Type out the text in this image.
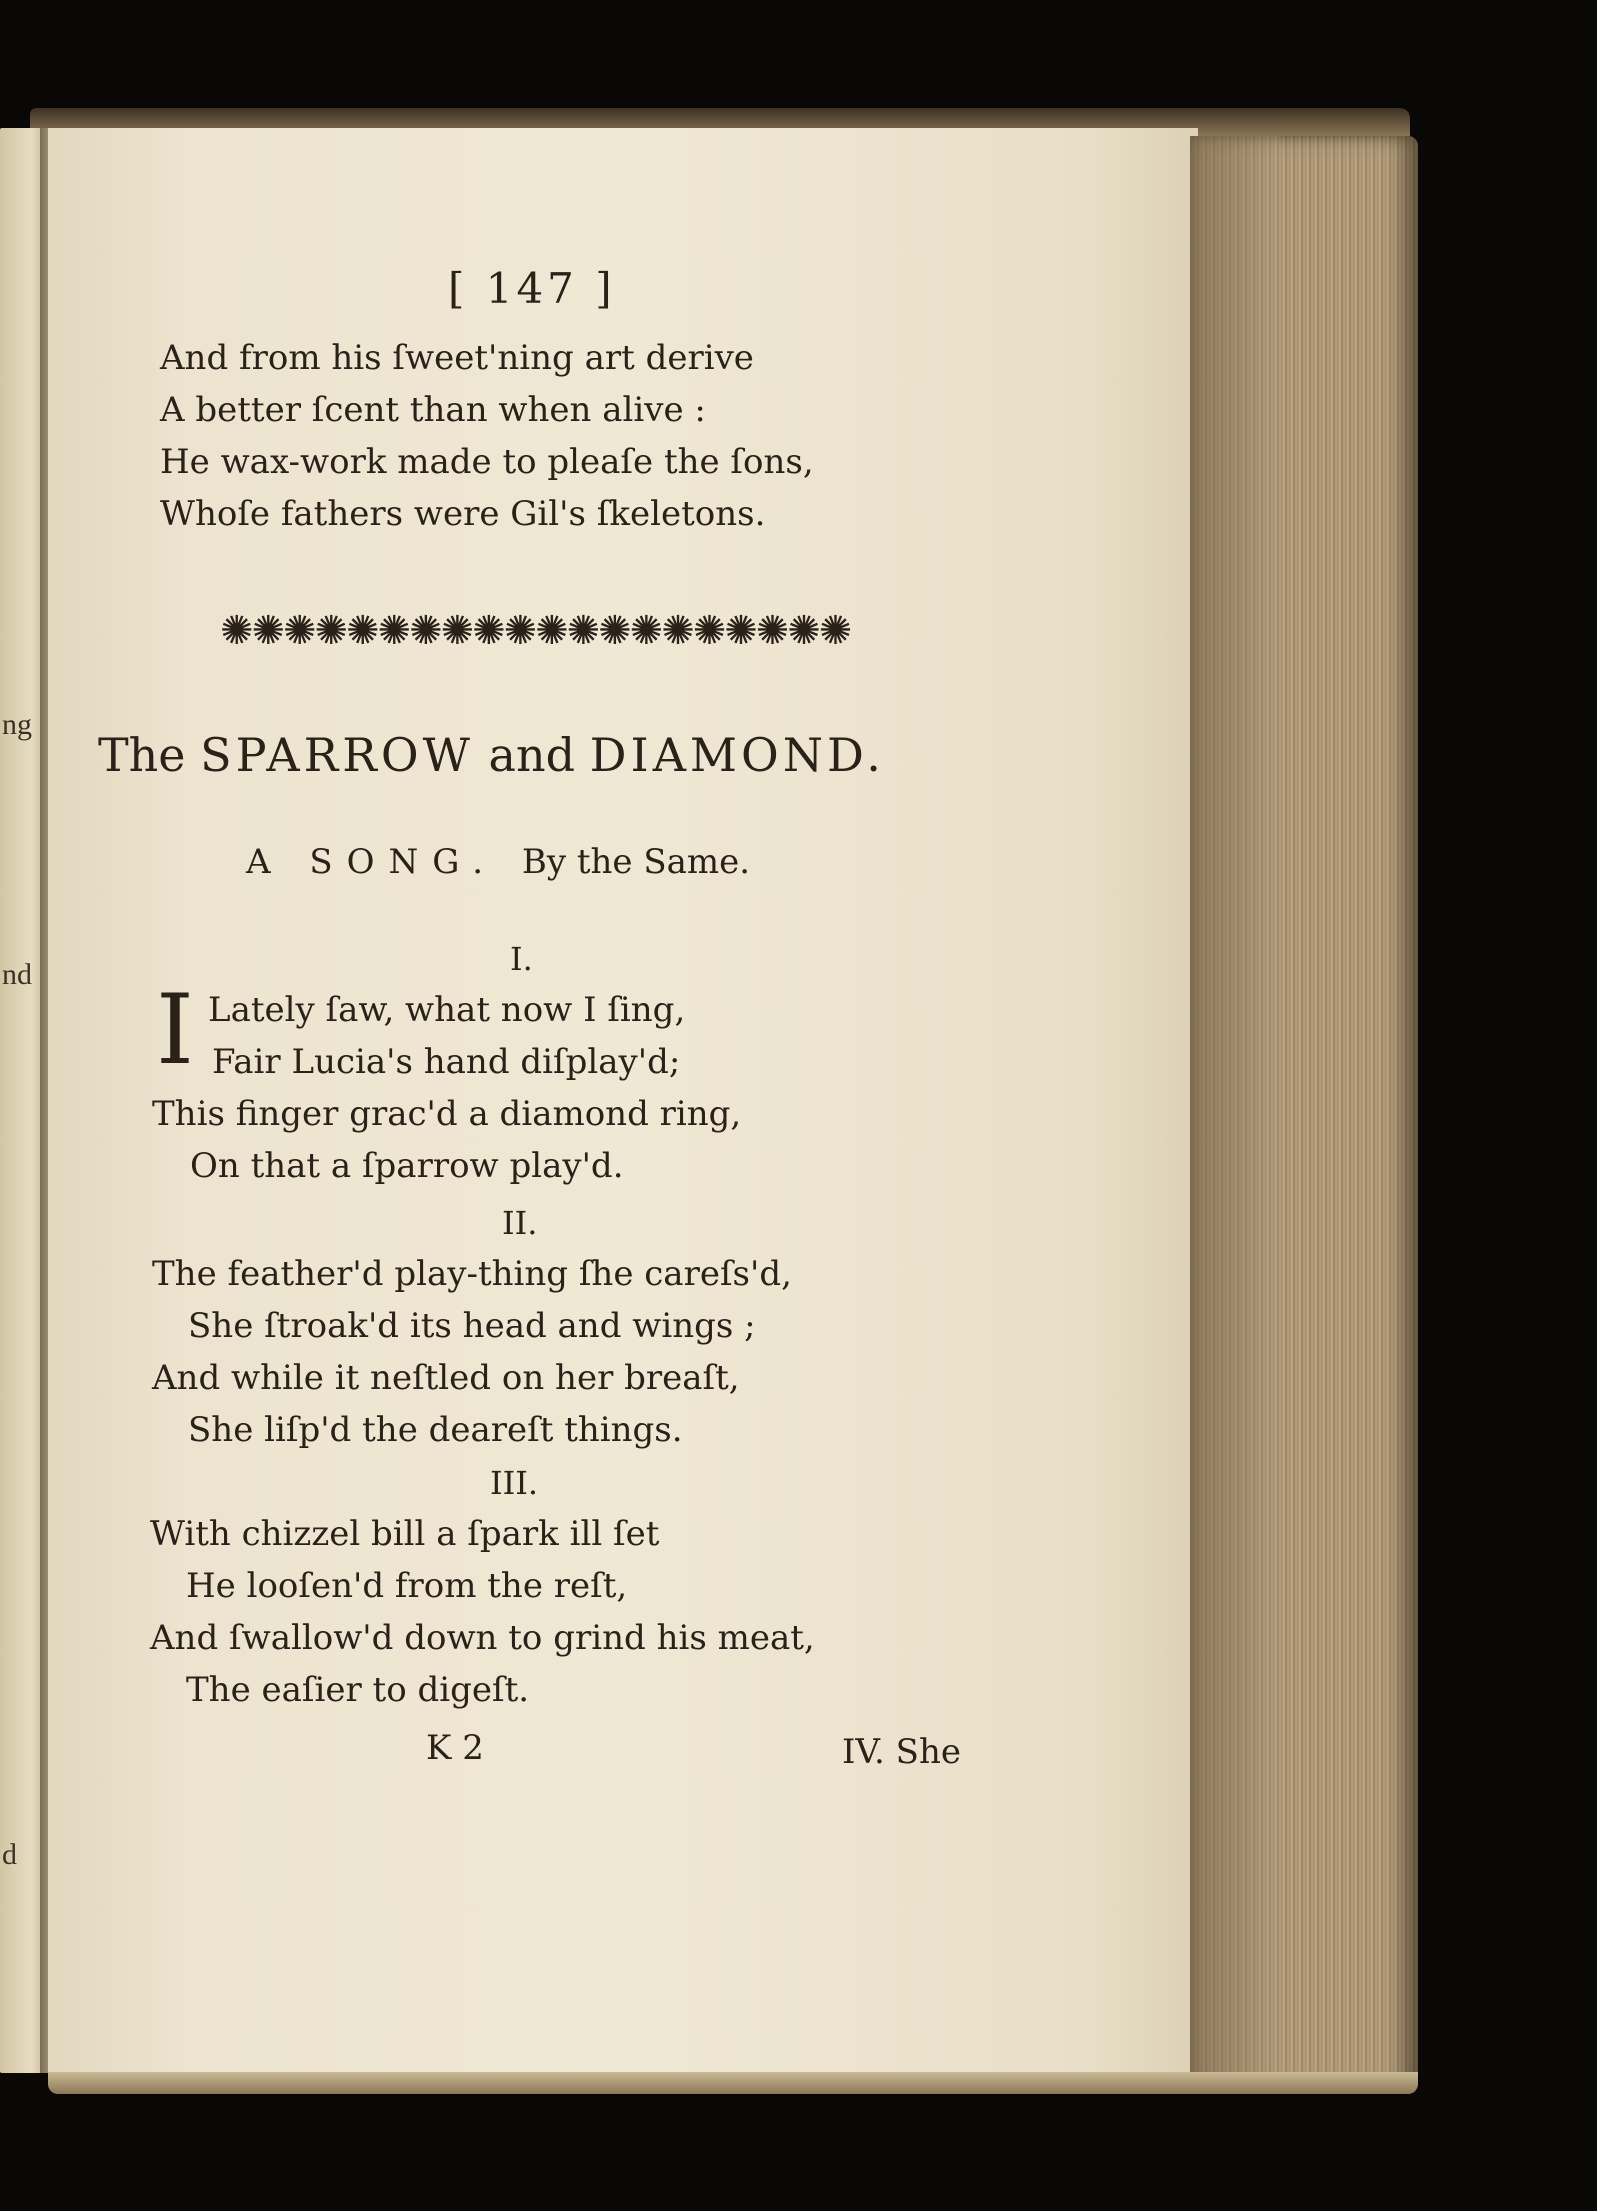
ng
nd
d
[ 147 ]
And from his ſweet'ning art derive
A better ſcent than when alive :
He wax-work made to pleaſe the ſons,
Whoſe fathers were Gil's ſkeletons.
✺✺✺✺✺✺✺✺✺✺✺✺✺✺✺✺✺✺✺✺
The SPARROW and DIAMOND.
A SONG. By the Same.
I.
I Lately ſaw, what now I ſing,
Fair Lucia's hand diſplay'd;
This finger grac'd a diamond ring,
On that a ſparrow play'd.
II.
The feather'd play-thing ſhe careſs'd,
She ſtroak'd its head and wings ;
And while it neſtled on her breaſt,
She liſp'd the deareſt things.
III.
With chizzel bill a ſpark ill ſet
He looſen'd from the reſt,
And ſwallow'd down to grind his meat,
The eaſier to digeſt.
K 2	IV. She
